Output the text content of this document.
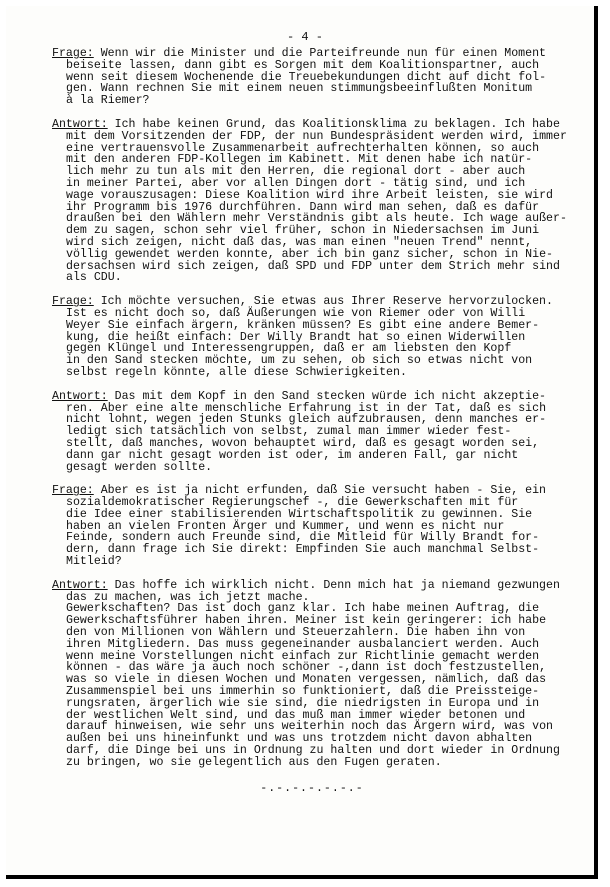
- 4 -
Frage: Wenn wir die Minister und die Parteifreunde nun für einen Moment
beiseite lassen, dann gibt es Sorgen mit dem Koalitionspartner, auch
wenn seit diesem Wochenende die Treuebekundungen dicht auf dicht fol-
gen. Wann rechnen Sie mit einem neuen stimmungsbeeinflußten Monitum
à la Riemer?
Antwort: Ich habe keinen Grund, das Koalitionsklima zu beklagen. Ich habe
mit dem Vorsitzenden der FDP, der nun Bundespräsident werden wird, immer
eine vertrauensvolle Zusammenarbeit aufrechterhalten können, so auch
mit den anderen FDP-Kollegen im Kabinett. Mit denen habe ich natür-
lich mehr zu tun als mit den Herren, die regional dort - aber auch
in meiner Partei, aber vor allen Dingen dort - tätig sind, und ich
wage vorauszusagen: Diese Koalition wird ihre Arbeit leisten, sie wird
ihr Programm bis 1976 durchführen. Dann wird man sehen, daß es dafür
draußen bei den Wählern mehr Verständnis gibt als heute. Ich wage außer-
dem zu sagen, schon sehr viel früher, schon in Niedersachsen im Juni
wird sich zeigen, nicht daß das, was man einen "neuen Trend" nennt,
völlig gewendet werden konnte, aber ich bin ganz sicher, schon in Nie-
dersachsen wird sich zeigen, daß SPD und FDP unter dem Strich mehr sind
als CDU.
Frage: Ich möchte versuchen, Sie etwas aus Ihrer Reserve hervorzulocken.
Ist es nicht doch so, daß Äußerungen wie von Riemer oder von Willi
Weyer Sie einfach ärgern, kränken müssen? Es gibt eine andere Bemer-
kung, die heißt einfach: Der Willy Brandt hat so einen Widerwillen
gegen Klüngel und Interessengruppen, daß er am liebsten den Kopf
in den Sand stecken möchte, um zu sehen, ob sich so etwas nicht von
selbst regeln könnte, alle diese Schwierigkeiten.
Antwort: Das mit dem Kopf in den Sand stecken würde ich nicht akzeptie-
ren. Aber eine alte menschliche Erfahrung ist in der Tat, daß es sich
nicht lohnt, wegen jeden Stunks gleich aufzubrausen, denn manches er-
ledigt sich tatsächlich von selbst, zumal man immer wieder fest-
stellt, daß manches, wovon behauptet wird, daß es gesagt worden sei,
dann gar nicht gesagt worden ist oder, im anderen Fall, gar nicht
gesagt werden sollte.
Frage: Aber es ist ja nicht erfunden, daß Sie versucht haben - Sie, ein
sozialdemokratischer Regierungschef -, die Gewerkschaften mit für
die Idee einer stabilisierenden Wirtschaftspolitik zu gewinnen. Sie
haben an vielen Fronten Ärger und Kummer, und wenn es nicht nur
Feinde, sondern auch Freunde sind, die Mitleid für Willy Brandt for-
dern, dann frage ich Sie direkt: Empfinden Sie auch manchmal Selbst-
Mitleid?
Antwort: Das hoffe ich wirklich nicht. Denn mich hat ja niemand gezwungen
das zu machen, was ich jetzt mache.
Gewerkschaften? Das ist doch ganz klar. Ich habe meinen Auftrag, die
Gewerkschaftsführer haben ihren. Meiner ist kein geringerer: ich habe
den von Millionen von Wählern und Steuerzahlern. Die haben ihn von
ihren Mitgliedern. Das muss gegeneinander ausbalanciert werden. Auch
wenn meine Vorstellungen nicht einfach zur Richtlinie gemacht werden
können - das wäre ja auch noch schöner -,dann ist doch festzustellen,
was so viele in diesen Wochen und Monaten vergessen, nämlich, daß das
Zusammenspiel bei uns immerhin so funktioniert, daß die Preissteige-
rungsraten, ärgerlich wie sie sind, die niedrigsten in Europa und in
der westlichen Welt sind, und das muß man immer wieder betonen und
darauf hinweisen, wie sehr uns weiterhin noch das Ärgern wird, was von
außen bei uns hineinfunkt und was uns trotzdem nicht davon abhalten
darf, die Dinge bei uns in Ordnung zu halten und dort wieder in Ordnung
zu bringen, wo sie gelegentlich aus den Fugen geraten.
-.-.-.-.-.-.-
